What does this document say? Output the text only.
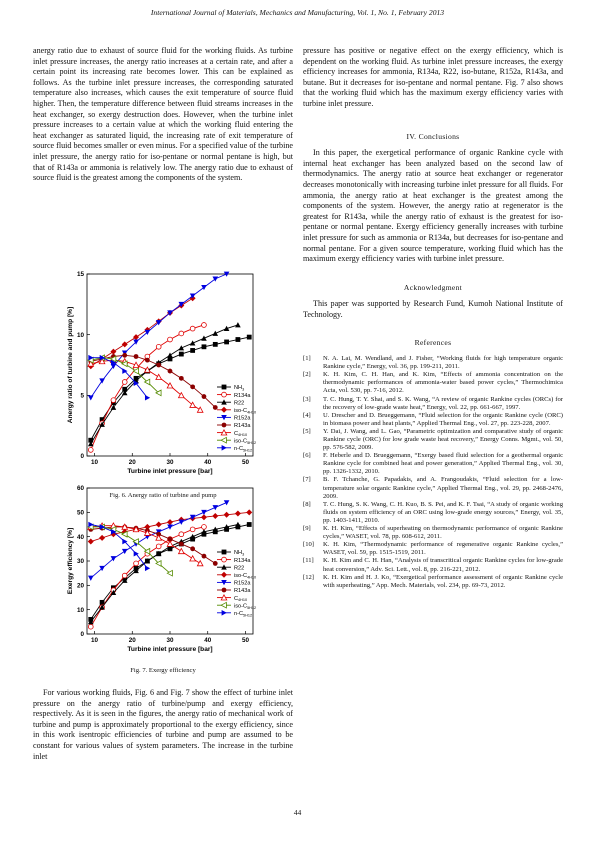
International Journal of Materials, Mechanics and Manufacturing, Vol. 1, No. 1, February 2013

anergy ratio due to exhaust of source fluid for the working fluids. As turbine inlet pressure increases, the anergy ratio increases at a certain rate, and after a certain point its increasing rate becomes lower. This can be explained as follows. As the turbine inlet pressure increases, the corresponding saturated temperature also increases, which causes the exit temperature of source fluid higher. Then, the temperature difference between fluid streams increases in the heat exchanger, so exergy destruction does. However, when the turbine inlet pressure increases to a certain value at which the working fluid entering the heat exchanger as saturated liquid, the increasing rate of exit temperature of source fluid becomes smaller or even minus. For a specified value of the turbine inlet pressure, the anergy ratio for iso-pentane or normal pentane is high, but that of R143a or ammonia is relatively low. The anergy ratio due to exhaust of source fluid is the greatest among the components of the system.

10	20	30	40	50
0
5
10
15
Turbine inlet pressure [bar]
Anergy ratio of turbine and pump [%]	$NH_3$
R134a
R22
iso-$C_{4H10}$
R152a
R143a
$C_{4H10}$
iso-$C_{5H12}$
$n-C_{5H12}$
Fig. 6. Anergy ratio of turbine and pump
10	20	30	40	50
0
10
20
30
40
50
60
Turbine inlet pressure [bar]
Exergy efficiency [%]	$NH_3$
R134a
R22
iso-$C_{4H10}$
R152a
R143a
$C_{4H10}$
iso-$C_{5H12}$
$n-C_{5H12}$
Fig. 7. Exergy efficiency

For various working fluids, Fig. 6 and Fig. 7 show the effect of turbine inlet pressure on the anergy ratio of turbine/pump and exergy efficiency, respectively. As it is seen in the figures, the anergy ratio of mechanical work of turbine and pump is approximately proportional to the exergy efficiency, since in this work isentropic efficiencies of turbine and pump are assumed to be constant for various values of system parameters. The increase in the turbine inlet

pressure has positive or negative effect on the exergy efficiency, which is dependent on the working fluid. As turbine inlet pressure increases, the exergy efficiency increases for ammonia, R134a, R22, iso-butane, R152a, R143a, and butane. But it decreases for iso-pentane and normal pentane. Fig. 7 also shows that the working fluid which has the maximum exergy efficiency varies with turbine inlet pressure.

IV. Conclusions

In this paper, the exergetical performance of organic Rankine cycle with internal heat exchanger has been analyzed based on the second law of thermodynamics. The anergy ratio at source heat exchanger or regenerator decreases monotonically with increasing turbine inlet pressure for all fluids. For ammonia, the anergy ratio at heat exchanger is the greatest among the components of the system. However, the anergy ratio at regenerator is the greatest for R143a, while the anergy ratio of exhaust is the greatest for iso-pentane or normal pentane. Exergy efficiency generally increases with turbine inlet pressure for such as ammonia or R134a, but decreases for iso-pentane and normal pentane. For a given source temperature, working fluid which has the maximum exergy efficiency varies with turbine inlet pressure.

Acknowledgment

This paper was supported by Research Fund, Kumoh National Institute of Technology.

References
[1]	N. A. Lai, M. Wendland, and J. Fisher, “Working fluids for high temperature organic Rankine cycle,” Energy, vol. 36, pp. 199-211, 2011.
[2]	K. H. Kim, C. H. Han, and K. Kim, “Effects of ammonia concentration on the thermodynamic performances of ammonia-water based power cycles,” Thermochimica Acta, vol. 530, pp. 7-16, 2012.
[3]	T. C. Hung, T. Y. Shai, and S. K. Wang, “A review of organic Rankine cycles (ORCs) for the recovery of low-grade waste heat,” Energy, vol. 22, pp. 661-667, 1997.
[4]	U. Drescher and D. Brueggemann, “Fluid selection for the organic Rankine cycle (ORC) in biomass power and heat plants,” Applied Thermal Eng., vol. 27, pp. 223-228, 2007.
[5]	Y. Dai, J. Wang, and L. Gao, “Parametric optimization and comparative study of organic Rankine cycle (ORC) for low grade waste heat recovery,” Energy Conns. Mgmt., vol. 50, pp. 576-582, 2009.
[6]	F. Heberle and D. Brueggemann, “Exergy based fluid selection for a geothermal organic Rankine cycle for combined heat and power generation,” Applied Thermal Eng., vol. 30, pp. 1326-1332, 2010.
[7]	B. F. Tchanche, G. Papadakis, and A. Frangoudakis, “Fluid selection for a low- temperature solar organic Rankine cycle,” Applied Thermal Eng., vol. 29, pp. 2468-2476, 2009.
[8]	T. C. Hung, S. K. Wang, C. H. Kuo, B. S. Pei, and K. F. Tsai, “A study of organic working fluids on system efficiency of an ORC using low-grade energy sources,” Energy, vol. 35, pp. 1403-1411, 2010.
[9]	K. H. Kim, “Effects of superheating on thermodynamic performance of organic Rankine cycles,” WASET, vol. 78, pp. 608-612, 2011.
[10]	K. H. Kim, “Thermodynamic performance of regenerative organic Rankine cycles,” WASET, vol. 59, pp. 1515-1519, 2011.
[11]	K. H. Kim and C. H. Han, “Analysis of transcritical organic Rankine cycles for low-grade heat conversion,” Adv. Sci. Lett., vol. 8, pp. 216-221, 2012.
[12]	K. H. Kim and H. J. Ko, “Exergetical performance assessment of organic Rankine cycle with superheating,” App. Mech. Materials, vol. 234, pp. 69-73, 2012.
44
